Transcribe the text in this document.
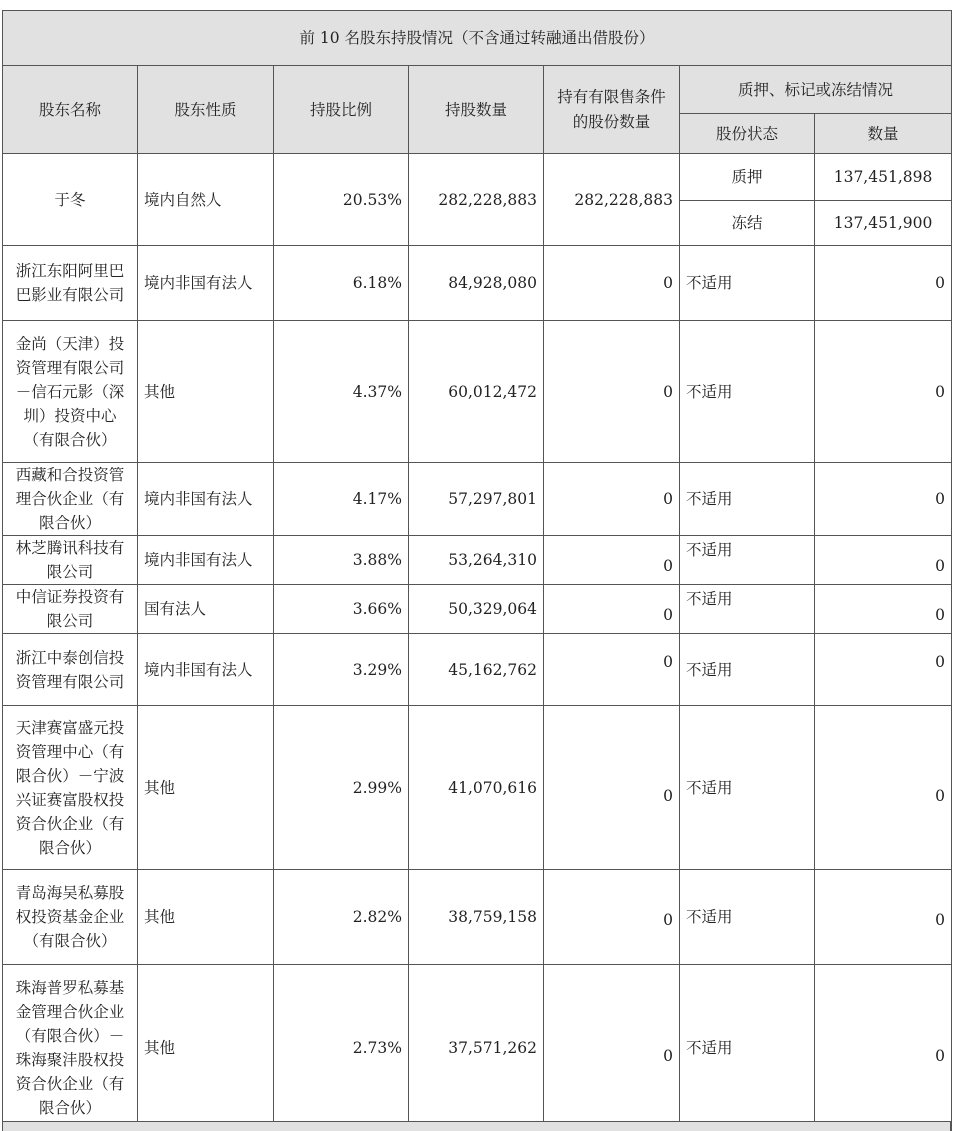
前 10 名股东持股情况（不含通过转融通出借股份）						
股东名称	股东性质	持股比例	持股数量	持有有限售条件的股份数量	质押、标记或冻结情况	
					股份状态	数量
于冬	境内自然人	20.53%	282,228,883	282,228,883	质押	137,451,898
					冻结	137,451,900
浙江东阳阿里巴巴影业有限公司	境内非国有法人	6.18%	84,928,080	0	不适用	0
金尚（天津）投资管理有限公司－信石元影（深圳）投资中心（有限合伙）	其他	4.37%	60,012,472	0	不适用	0
西藏和合投资管理合伙企业（有限合伙）	境内非国有法人	4.17%	57,297,801	0	不适用	0
林芝腾讯科技有限公司	境内非国有法人	3.88%	53,264,310	0	不适用	0
中信证券投资有限公司	国有法人	3.66%	50,329,064	0	不适用	0
浙江中泰创信投资管理有限公司	境内非国有法人	3.29%	45,162,762	0	不适用	0
天津赛富盛元投资管理中心（有限合伙）－宁波兴证赛富股权投资合伙企业（有限合伙）	其他	2.99%	41,070,616	0	不适用	0
青岛海吴私募股权投资基金企业（有限合伙）	其他	2.82%	38,759,158	0	不适用	0
珠海普罗私募基金管理合伙企业（有限合伙）－珠海聚沣股权投资合伙企业（有限合伙）	其他	2.73%	37,571,262	0	不适用	0
